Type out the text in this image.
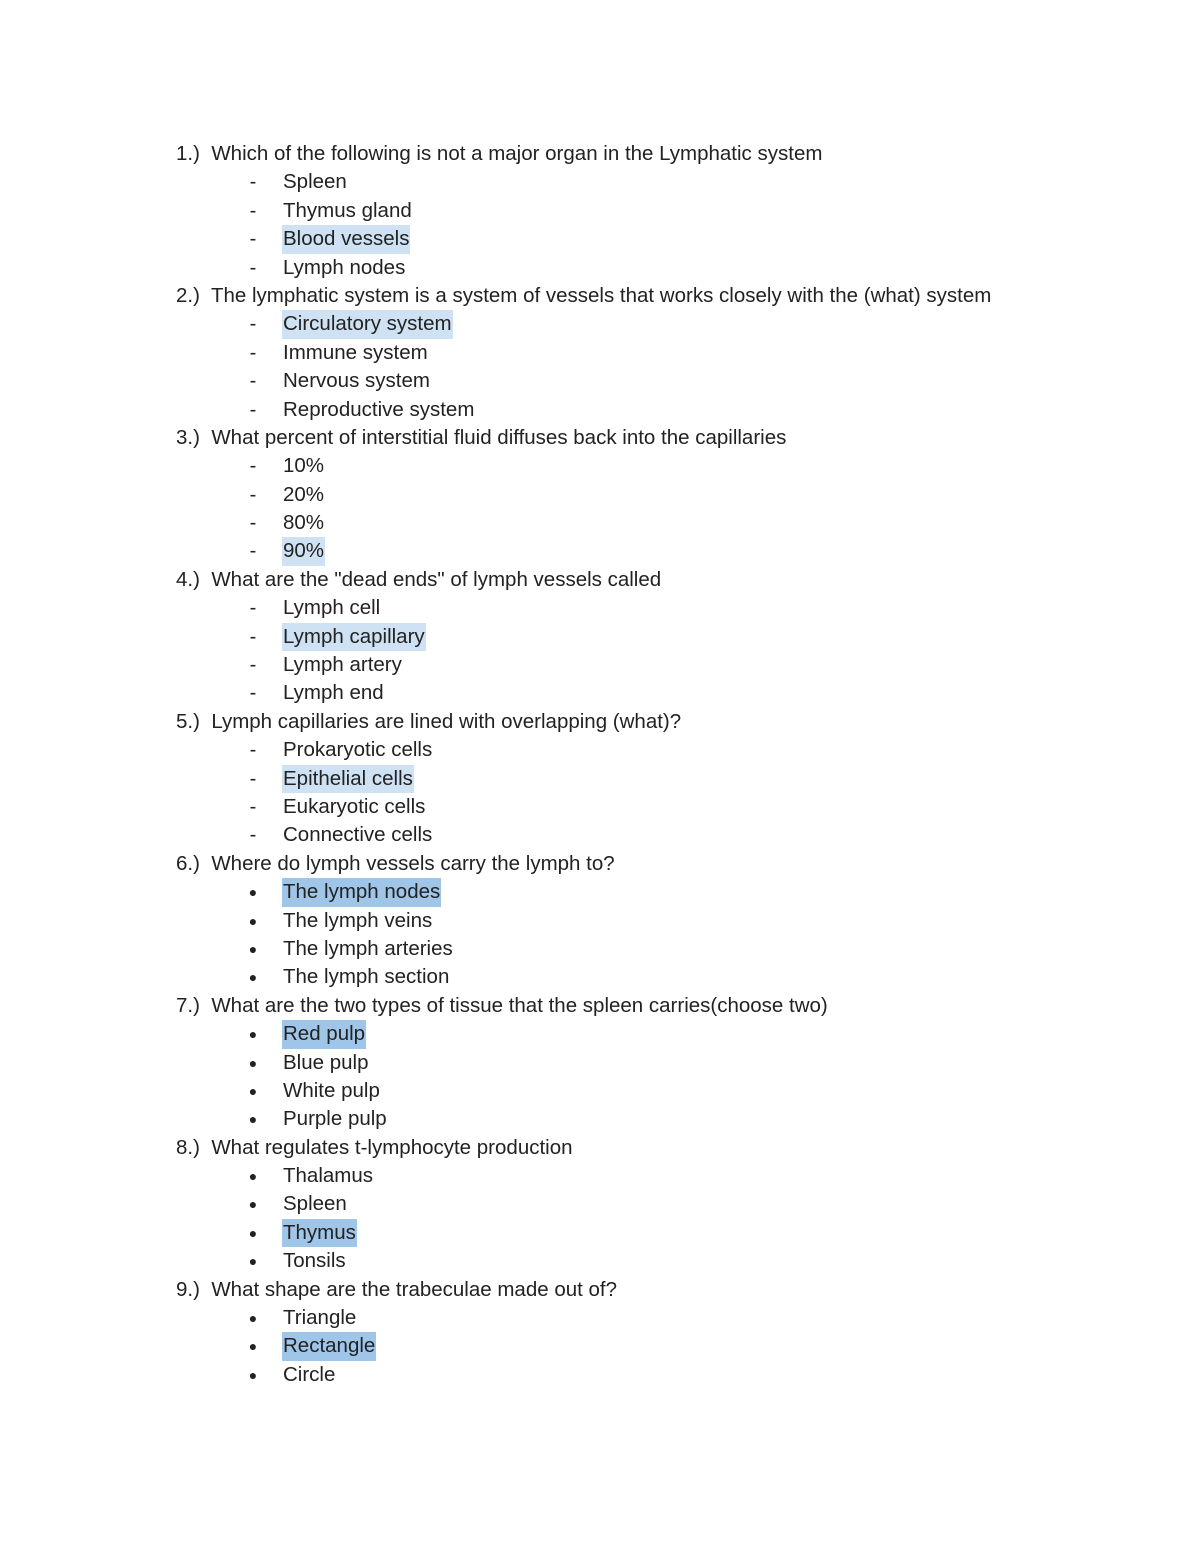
1.)  Which of the following is not a major organ in the Lymphatic system
- Spleen
- Thymus gland
- Blood vessels
- Lymph nodes
2.)  The lymphatic system is a system of vessels that works closely with the (what) system
- Circulatory system
- Immune system
- Nervous system
- Reproductive system
3.)  What percent of interstitial fluid diffuses back into the capillaries
- 10%
- 20%
- 80%
- 90%
4.)  What are the "dead ends" of lymph vessels called
- Lymph cell
- Lymph capillary
- Lymph artery
- Lymph end
5.)  Lymph capillaries are lined with overlapping (what)?
- Prokaryotic cells
- Epithelial cells
- Eukaryotic cells
- Connective cells
6.)  Where do lymph vessels carry the lymph to?
● The lymph nodes
● The lymph veins
● The lymph arteries
● The lymph section
7.)  What are the two types of tissue that the spleen carries(choose two)
● Red pulp
● Blue pulp
● White pulp
● Purple pulp
8.)  What regulates t-lymphocyte production
● Thalamus
● Spleen
● Thymus
● Tonsils
9.)  What shape are the trabeculae made out of?
● Triangle
● Rectangle
● Circle
